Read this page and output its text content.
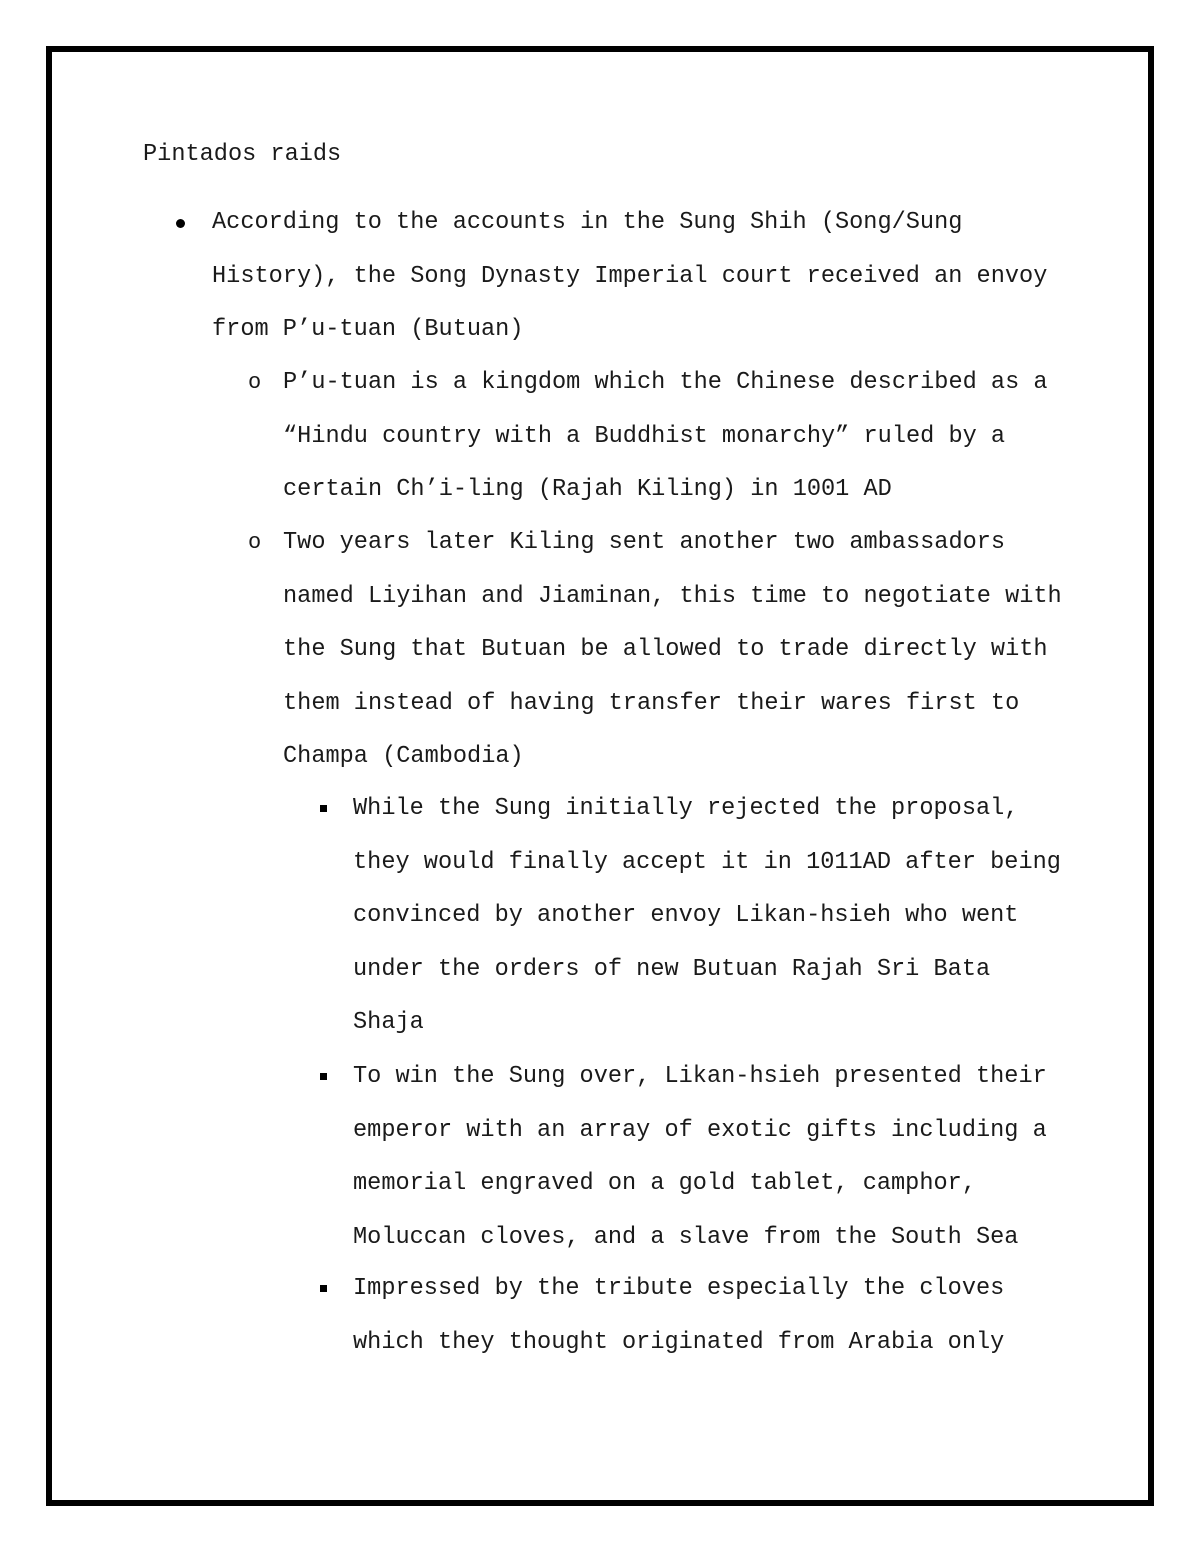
Pintados raids
According to the accounts in the Sung Shih (Song/Sung History), the Song Dynasty Imperial court received an envoy from P’u-tuan (Butuan)
o P’u-tuan is a kingdom which the Chinese described as a “Hindu country with a Buddhist monarchy” ruled by a certain Ch’i-ling (Rajah Kiling) in 1001 AD
o Two years later Kiling sent another two ambassadors named Liyihan and Jiaminan, this time to negotiate with the Sung that Butuan be allowed to trade directly with them instead of having transfer their wares first to Champa (Cambodia)
While the Sung initially rejected the proposal, they would finally accept it in 1011AD after being convinced by another envoy Likan-hsieh who went under the orders of new Butuan Rajah Sri Bata Shaja
To win the Sung over, Likan-hsieh presented their emperor with an array of exotic gifts including a memorial engraved on a gold tablet, camphor, Moluccan cloves, and a slave from the South Sea
Impressed by the tribute especially the cloves which they thought originated from Arabia only
